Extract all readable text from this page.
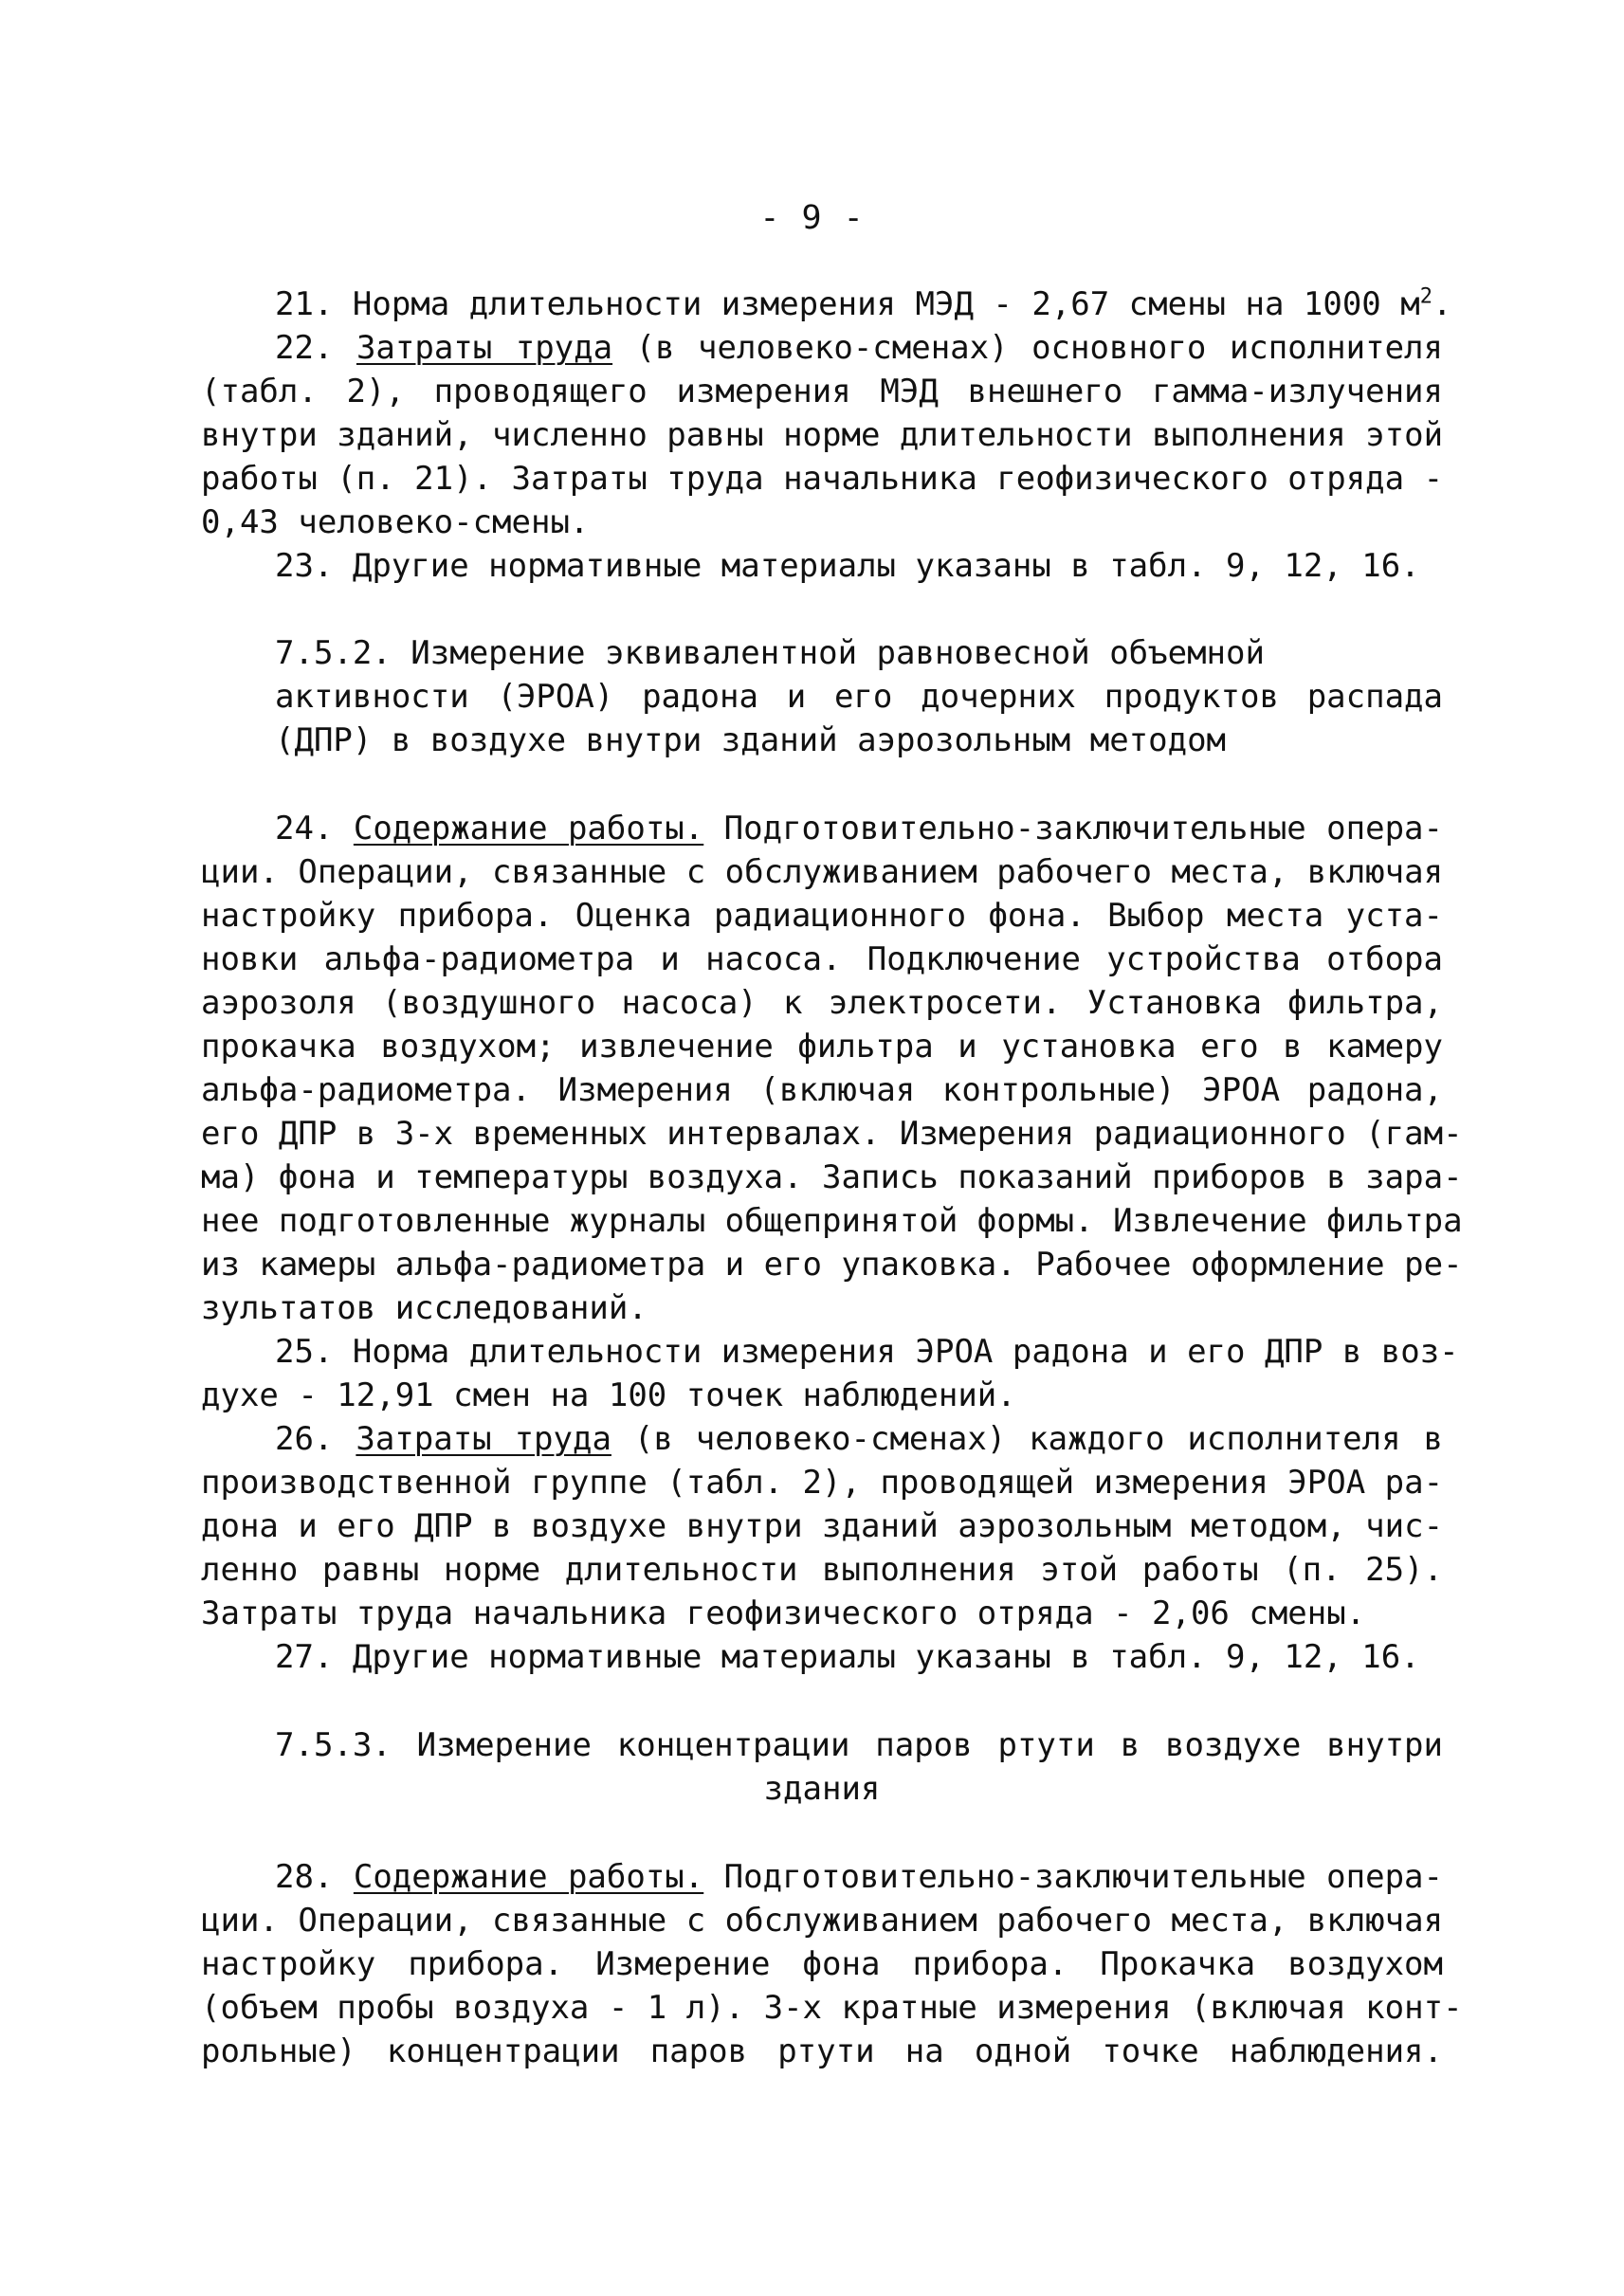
- 9 -
21. Норма длительности измерения МЭД - 2,67 смены на 1000 $м^2$.
22. Затраты труда (в человеко-сменах) основного исполнителя
(табл. 2), проводящего измерения МЭД внешнего гамма-излучения
внутри зданий, численно равны норме длительности выполнения этой
работы (п. 21). Затраты труда начальника геофизического отряда -
0,43 человеко-смены.
23. Другие нормативные материалы указаны в табл. 9, 12, 16.
7.5.2. Измерение эквивалентной равновесной объемной
активности (ЭРОА) радона и его дочерних продуктов распада
(ДПР) в воздухе внутри зданий аэрозольным методом
24. Содержание работы. Подготовительно-заключительные опера-
ции. Операции, связанные с обслуживанием рабочего места, включая
настройку прибора. Оценка радиационного фона. Выбор места уста-
новки альфа-радиометра и насоса. Подключение устройства отбора
аэрозоля (воздушного насоса) к электросети. Установка фильтра,
прокачка воздухом; извлечение фильтра и установка его в камеру
альфа-радиометра. Измерения (включая контрольные) ЭРОА радона,
его ДПР в 3-х временных интервалах. Измерения радиационного (гам-
ма) фона и температуры воздуха. Запись показаний приборов в зара-
нее подготовленные журналы общепринятой формы. Извлечение фильтра
из камеры альфа-радиометра и его упаковка. Рабочее оформление ре-
зультатов исследований.
25. Норма длительности измерения ЭРОА радона и его ДПР в воз-
духе - 12,91 смен на 100 точек наблюдений.
26. Затраты труда (в человеко-сменах) каждого исполнителя в
производственной группе (табл. 2), проводящей измерения ЭРОА ра-
дона и его ДПР в воздухе внутри зданий аэрозольным методом, чис-
ленно равны норме длительности выполнения этой работы (п. 25).
Затраты труда начальника геофизического отряда - 2,06 смены.
27. Другие нормативные материалы указаны в табл. 9, 12, 16.
7.5.3. Измерение концентрации паров ртути в воздухе внутри
здания
28. Содержание работы. Подготовительно-заключительные опера-
ции. Операции, связанные с обслуживанием рабочего места, включая
настройку прибора. Измерение фона прибора. Прокачка воздухом
(объем пробы воздуха - 1 л). 3-х кратные измерения (включая конт-
рольные) концентрации паров ртути на одной точке наблюдения.
